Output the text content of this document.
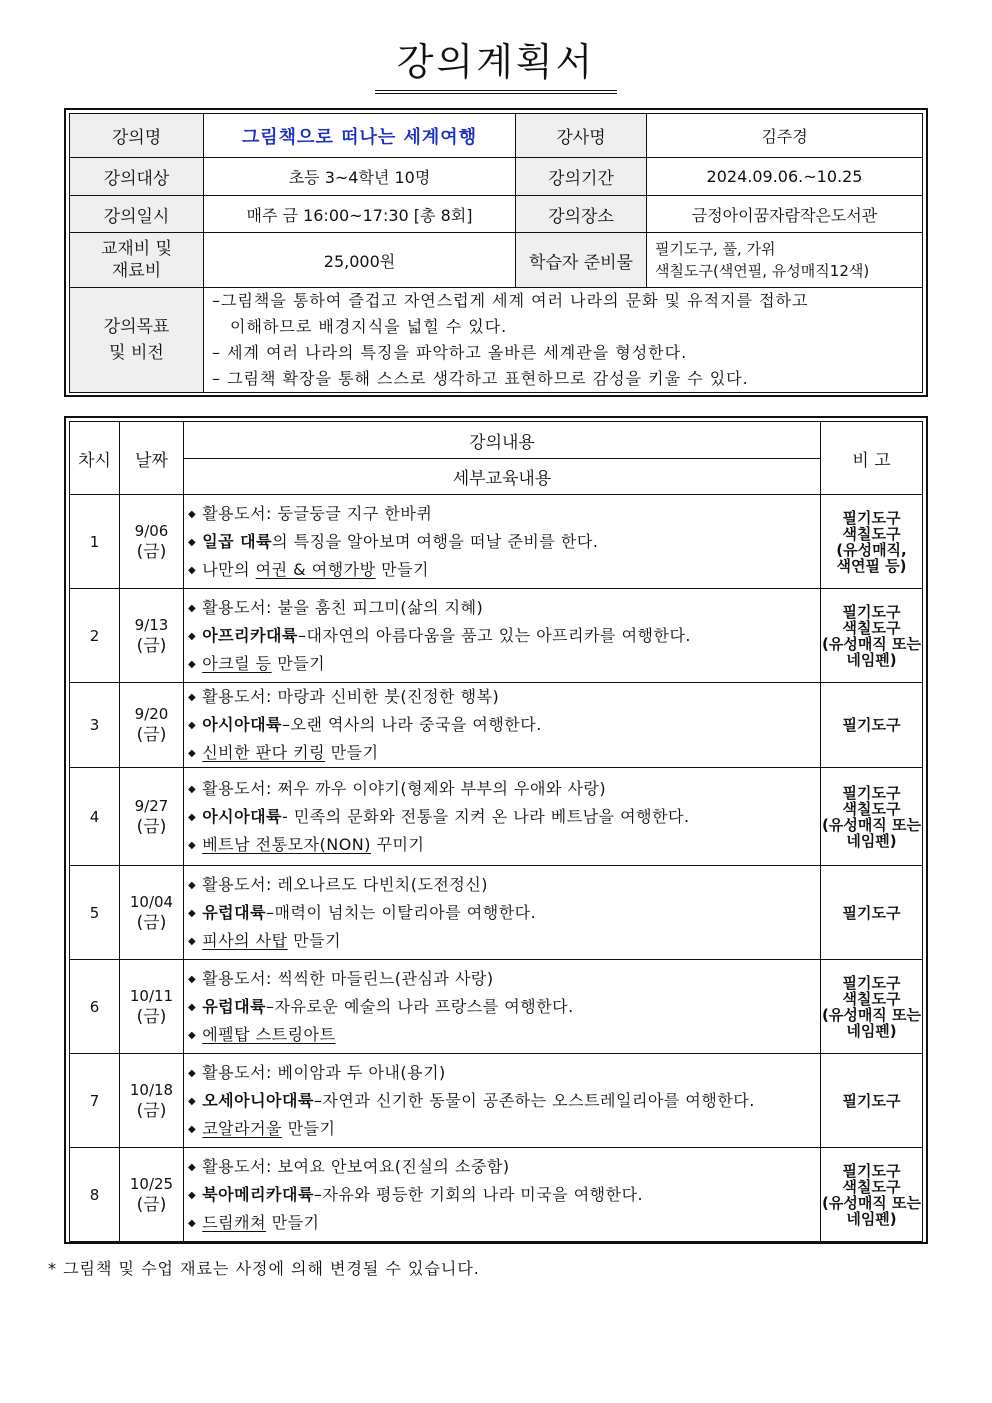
강의계획서
강의명	그림책으로 떠나는 세계여행	강사명	김주경
강의대상	초등 3~4학년 10명	강의기간	2024.09.06.~10.25
강의일시	매주 금 16:00~17:30 [총 8회]	강의장소	금정아이꿈자람작은도서관

교재비 및
재료비	25,000원	학습자 준비물	필기도구, 풀, 가위
색칠도구(색연필, 유성매직12색)

강의목표
및 비전	–그림책을 통하여 즐겁고 자연스럽게 세계 여러 나라의 문화 및 유적지를 접하고
이해하므로 배경지식을 넓힐 수 있다.
– 세계 여러 나라의 특징을 파악하고 올바른 세계관을 형성한다.
– 그림책 확장을 통해 스스로 생각하고 표현하므로 감성을 키울 수 있다.		
차시	날짜	강의내용	비 고
		세부교육내용	
1	9/06
(금)	◆ 활용도서: 둥글둥글 지구 한바퀴
◆ 일곱 대륙의 특징을 알아보며 여행을 떠날 준비를 한다.
◆ 나만의 여권 & 여행가방 만들기	필기도구
색칠도구
(유성매직,
색연필 등)

2	9/13
(금)	◆ 활용도서: 불을 훔친 피그미(삶의 지혜)
◆ 아프리카대륙–대자연의 아름다움을 품고 있는 아프리카를 여행한다.
◆ 아크릴 등 만들기	필기도구
색칠도구
(유성매직 또는
네임펜)

3	9/20
(금)	◆ 활용도서: 마랑과 신비한 붓(진정한 행복)
◆ 아시아대륙–오랜 역사의 나라 중국을 여행한다.
◆ 신비한 판다 키링 만들기	필기도구

4	9/27
(금)	◆ 활용도서: 쩌우 까우 이야기(형제와 부부의 우애와 사랑)
◆ 아시아대륙- 민족의 문화와 전통을 지켜 온 나라 베트남을 여행한다.
◆ 베트남 전통모자(NON) 꾸미기	필기도구
색칠도구
(유성매직 또는
네임펜)

5	10/04
(금)	◆ 활용도서: 레오나르도 다빈치(도전정신)
◆ 유럽대륙–매력이 넘치는 이탈리아를 여행한다.
◆ 피사의 사탑 만들기	필기도구

6	10/11
(금)	◆ 활용도서: 씩씩한 마들린느(관심과 사랑)
◆ 유럽대륙–자유로운 예술의 나라 프랑스를 여행한다.
◆ 에펠탑 스트링아트	필기도구
색칠도구
(유성매직 또는
네임펜)

7	10/18
(금)	◆ 활용도서: 베이암과 두 아내(용기)
◆ 오세아니아대륙–자연과 신기한 동물이 공존하는 오스트레일리아를 여행한다.
◆ 코알라거울 만들기	필기도구

8	10/25
(금)	◆ 활용도서: 보여요 안보여요(진실의 소중함)
◆ 북아메리카대륙–자유와 평등한 기회의 나라 미국을 여행한다.
◆ 드림캐쳐 만들기	필기도구
색칠도구
(유성매직 또는
네임펜)
* 그림책 및 수업 재료는 사정에 의해 변경될 수 있습니다.
